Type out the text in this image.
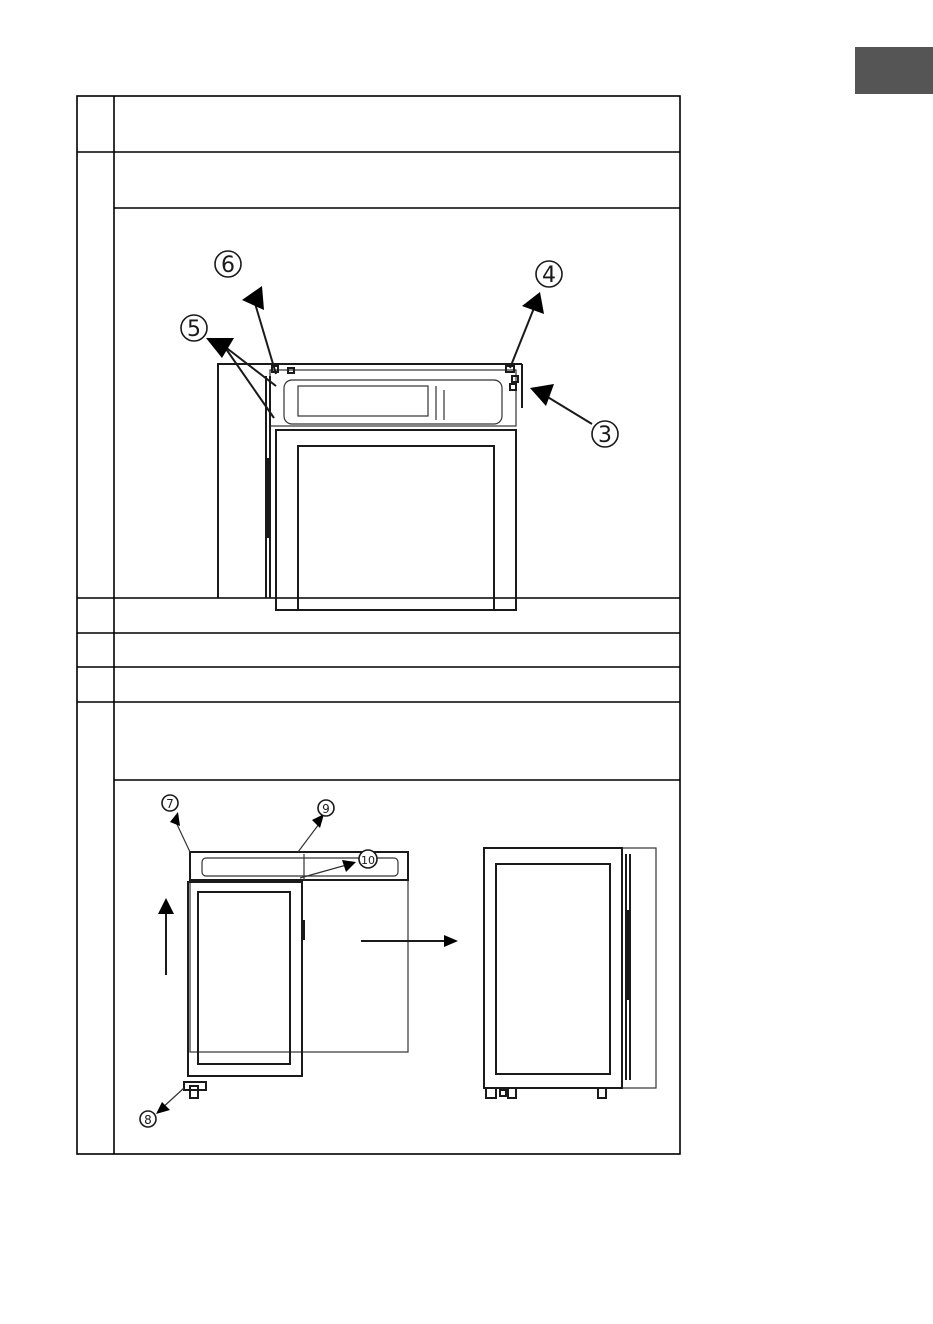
6
5
4
3
7	9
10
8
